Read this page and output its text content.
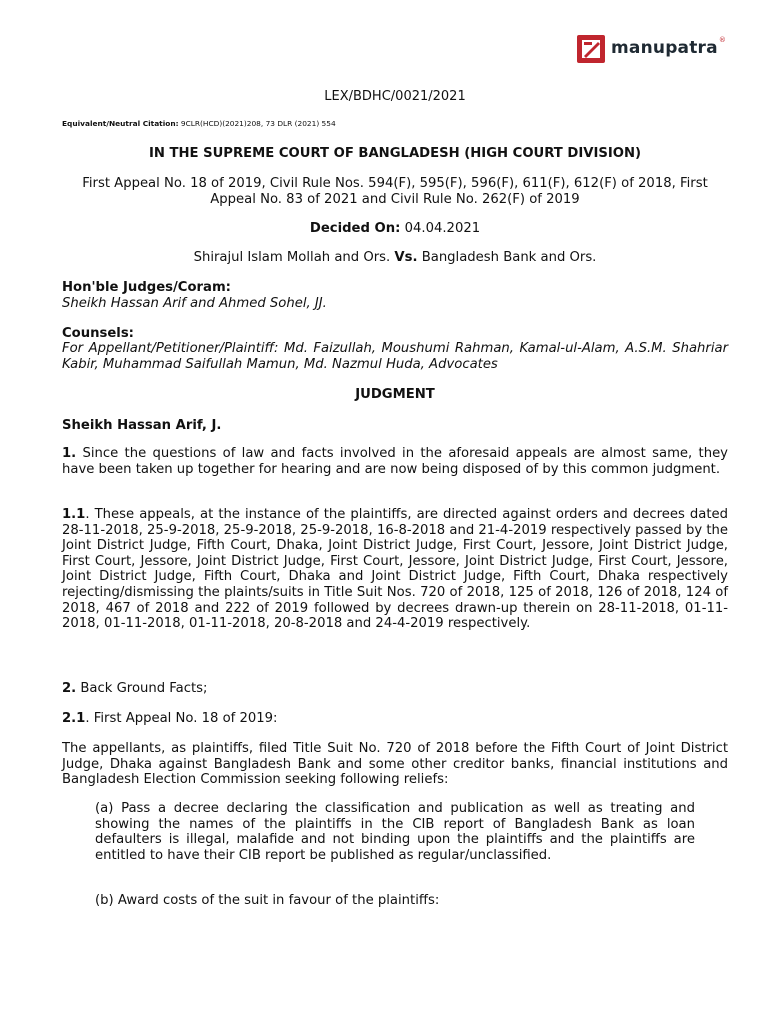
manupatra ®
LEX/BDHC/0021/2021
Equivalent/Neutral Citation: 9CLR(HCD)(2021)208, 73 DLR (2021) 554
IN THE SUPREME COURT OF BANGLADESH (HIGH COURT DIVISION)
First Appeal No. 18 of 2019, Civil Rule Nos. 594(F), 595(F), 596(F), 611(F), 612(F) of 2018, First Appeal No. 83 of 2021 and Civil Rule No. 262(F) of 2019
Decided On: 04.04.2021
Shirajul Islam Mollah and Ors. Vs. Bangladesh Bank and Ors.
Hon'ble Judges/Coram:
Sheikh Hassan Arif and Ahmed Sohel, JJ.
Counsels:
For Appellant/Petitioner/Plaintiff: Md. Faizullah, Moushumi Rahman, Kamal-ul-Alam, A.S.M. Shahriar Kabir, Muhammad Saifullah Mamun, Md. Nazmul Huda, Advocates
JUDGMENT
Sheikh Hassan Arif, J.
1. Since the questions of law and facts involved in the aforesaid appeals are almost same, they have been taken up together for hearing and are now being disposed of by this common judgment.
1.1. These appeals, at the instance of the plaintiffs, are directed against orders and decrees dated 28-11-2018, 25-9-2018, 25-9-2018, 25-9-2018, 16-8-2018 and 21-4-2019 respectively passed by the Joint District Judge, Fifth Court, Dhaka, Joint District Judge, First Court, Jessore, Joint District Judge, First Court, Jessore, Joint District Judge, First Court, Jessore, Joint District Judge, First Court, Jessore, Joint District Judge, Fifth Court, Dhaka and Joint District Judge, Fifth Court, Dhaka respectively rejecting/dismissing the plaints/suits in Title Suit Nos. 720 of 2018, 125 of 2018, 126 of 2018, 124 of 2018, 467 of 2018 and 222 of 2019 followed by decrees drawn-up therein on 28-11-2018, 01-11-2018, 01-11-2018, 01-11-2018, 20-8-2018 and 24-4-2019 respectively.
2. Back Ground Facts;
2.1. First Appeal No. 18 of 2019:
The appellants, as plaintiffs, filed Title Suit No. 720 of 2018 before the Fifth Court of Joint District Judge, Dhaka against Bangladesh Bank and some other creditor banks, financial institutions and Bangladesh Election Commission seeking following reliefs:
(a) Pass a decree declaring the classification and publication as well as treating and showing the names of the plaintiffs in the CIB report of Bangladesh Bank as loan defaulters is illegal, malafide and not binding upon the plaintiffs and the plaintiffs are entitled to have their CIB report be published as regular/unclassified.
(b) Award costs of the suit in favour of the plaintiffs:
